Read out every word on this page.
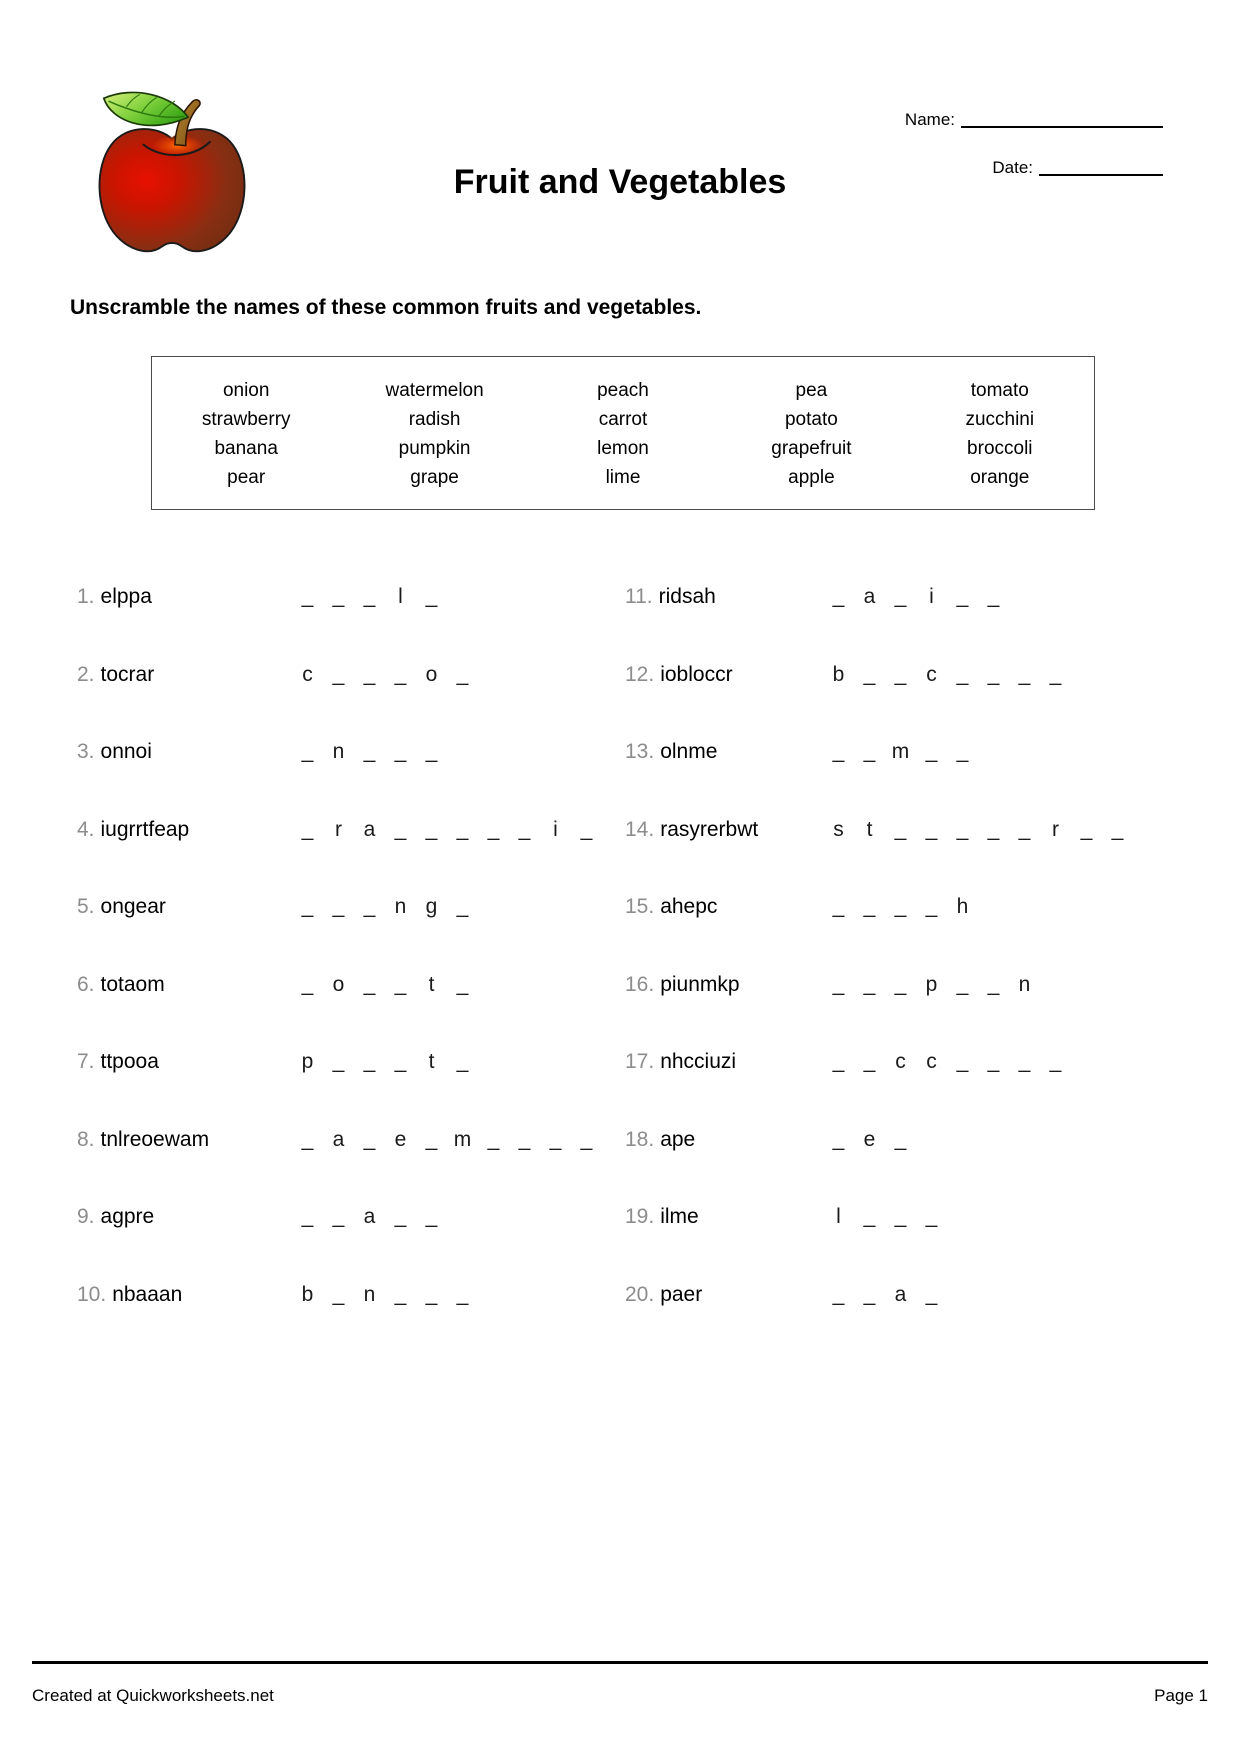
Fruit and Vegetables
Name:
Date:
Unscramble the names of these common fruits and vegetables.
onion	watermelon	peach	pea	tomato
strawberry	radish	carrot	potato	zucchini
banana	pumpkin	lemon	grapefruit	broccoli
pear	grape	lime	apple	orange
1. elppa	_ _ _ l _
2. tocrar	c _ _ _ o _
3. onnoi	_ n _ _ _
4. iugrrtfeap	_ r a _ _ _ _ _ i _
5. ongear	_ _ _ n g _
6. totaom	_ o _ _ t _
7. ttpooa	p _ _ _ t _
8. tnlreoewam	_ a _ e _ m _ _ _ _
9. agpre	_ _ a _ _
10. nbaaan	b _ n _ _ _
11. ridsah	_ a _ i _ _
12. iobloccr	b _ _ c _ _ _ _
13. olnme	_ _ m _ _
14. rasyrerbwt	s t _ _ _ _ _ r _ _
15. ahepc	_ _ _ _ h
16. piunmkp	_ _ _ p _ _ n
17. nhcciuzi	_ _ c c _ _ _ _
18. ape	_ e _
19. ilme	l _ _ _
20. paer	_ _ a _
Created at Quickworksheets.net	Page 1
